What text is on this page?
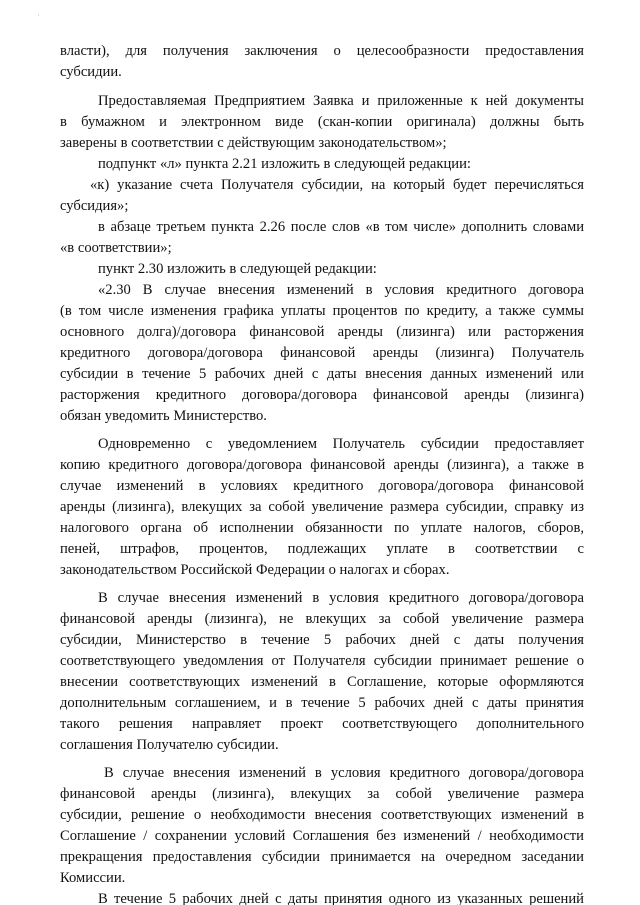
·
власти), для получения заключения о целесообразности предоставления
субсидии.
Предоставляемая Предприятием Заявка и приложенные к ней документы
в бумажном и электронном виде (скан-копии оригинала) должны быть
заверены в соответствии с действующим законодательством»;
подпункт «л» пункта 2.21 изложить в следующей редакции:
«к) указание счета Получателя субсидии, на который будет перечисляться
субсидия»;
в абзаце третьем пункта 2.26 после слов «в том числе» дополнить словами
«в соответствии»;
пункт 2.30 изложить в следующей редакции:
«2.30 В случае внесения изменений в условия кредитного договора
(в том числе изменения графика уплаты процентов по кредиту, а также суммы
основного долга)/договора финансовой аренды (лизинга) или расторжения
кредитного договора/договора финансовой аренды (лизинга) Получатель
субсидии в течение 5 рабочих дней с даты внесения данных изменений или
расторжения кредитного договора/договора финансовой аренды (лизинга)
обязан уведомить Министерство.
Одновременно с уведомлением Получатель субсидии предоставляет
копию кредитного договора/договора финансовой аренды (лизинга), а также в
случае изменений в условиях кредитного договора/договора финансовой
аренды (лизинга), влекущих за собой увеличение размера субсидии, справку из
налогового органа об исполнении обязанности по уплате налогов, сборов,
пеней, штрафов, процентов, подлежащих уплате в соответствии с
законодательством Российской Федерации о налогах и сборах.
В случае внесения изменений в условия кредитного договора/договора
финансовой аренды (лизинга), не влекущих за собой увеличение размера
субсидии, Министерство в течение 5 рабочих дней с даты получения
соответствующего уведомления от Получателя субсидии принимает решение о
внесении соответствующих изменений в Соглашение, которые оформляются
дополнительным соглашением, и в течение 5 рабочих дней с даты принятия
такого решения направляет проект соответствующего дополнительного
соглашения Получателю субсидии.
В случае внесения изменений в условия кредитного договора/договора
финансовой аренды (лизинга), влекущих за собой увеличение размера
субсидии, решение о необходимости внесения соответствующих изменений в
Соглашение / сохранении условий Соглашения без изменений / необходимости
прекращения предоставления субсидии принимается на очередном заседании
Комиссии.
В течение 5 рабочих дней с даты принятия одного из указанных решений
